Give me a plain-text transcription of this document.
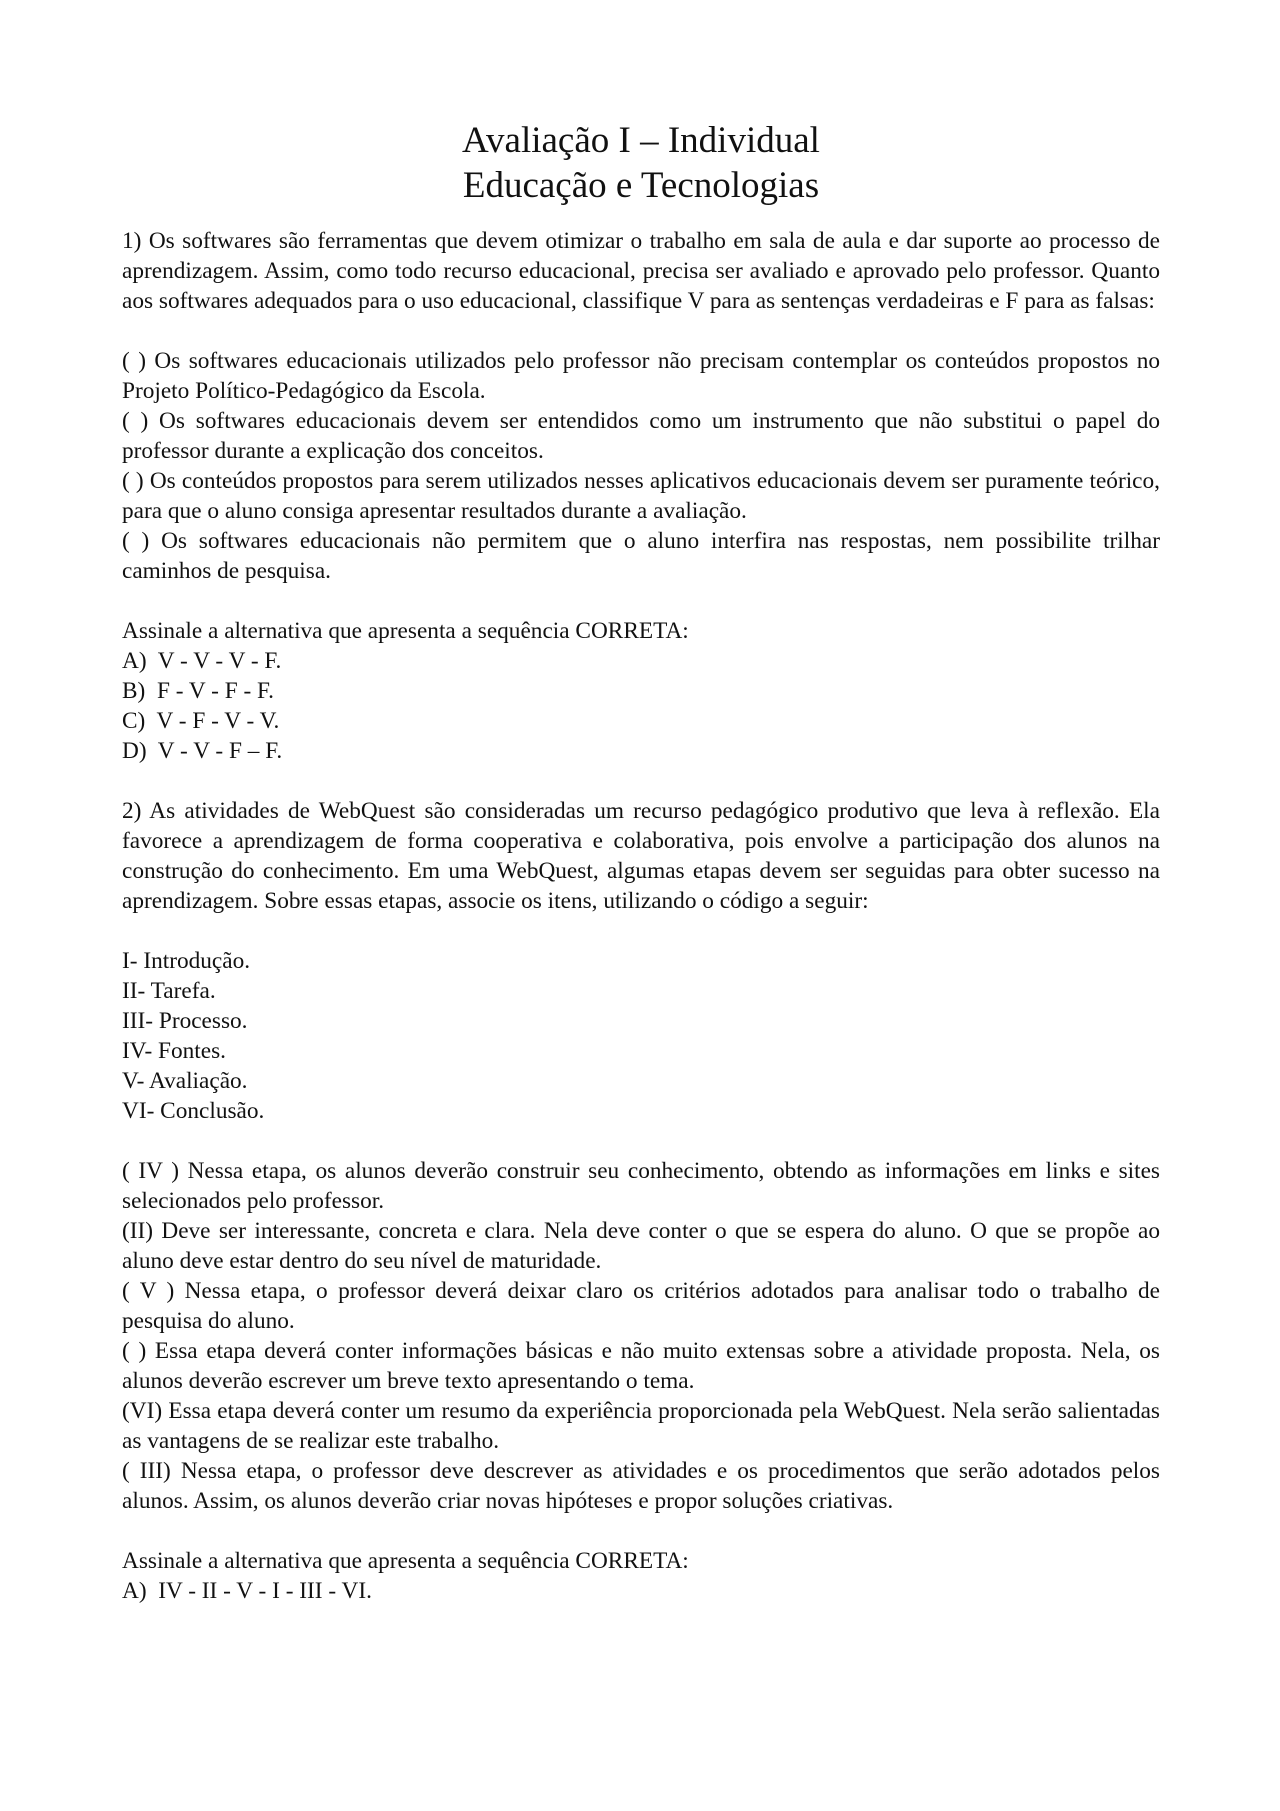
Avaliação I – Individual
Educação e Tecnologias

1) Os softwares são ferramentas que devem otimizar o trabalho em sala de aula e dar suporte ao processo de aprendizagem. Assim, como todo recurso educacional, precisa ser avaliado e aprovado pelo professor. Quanto aos softwares adequados para o uso educacional, classifique V para as sentenças verdadeiras e F para as falsas:

( ) Os softwares educacionais utilizados pelo professor não precisam contemplar os conteúdos propostos no Projeto Político-Pedagógico da Escola.

( ) Os softwares educacionais devem ser entendidos como um instrumento que não substitui o papel do professor durante a explicação dos conceitos.

( ) Os conteúdos propostos para serem utilizados nesses aplicativos educacionais devem ser puramente teórico, para que o aluno consiga apresentar resultados durante a avaliação.

( ) Os softwares educacionais não permitem que o aluno interfira nas respostas, nem possibilite trilhar caminhos de pesquisa.

Assinale a alternativa que apresenta a sequência CORRETA:

A)  V - V - V - F.

B)  F - V - F - F.

C)  V - F - V - V.

D)  V - V - F – F.

2) As atividades de WebQuest são consideradas um recurso pedagógico produtivo que leva à reflexão. Ela favorece a aprendizagem de forma cooperativa e colaborativa, pois envolve a participação dos alunos na construção do conhecimento. Em uma WebQuest, algumas etapas devem ser seguidas para obter sucesso na aprendizagem. Sobre essas etapas, associe os itens, utilizando o código a seguir:

I- Introdução.

II- Tarefa.

III- Processo.

IV- Fontes.

V- Avaliação.

VI- Conclusão.

( IV ) Nessa etapa, os alunos deverão construir seu conhecimento, obtendo as informações em links e sites selecionados pelo professor.

(II) Deve ser interessante, concreta e clara. Nela deve conter o que se espera do aluno. O que se propõe ao aluno deve estar dentro do seu nível de maturidade.

( V ) Nessa etapa, o professor deverá deixar claro os critérios adotados para analisar todo o trabalho de pesquisa do aluno.

( ) Essa etapa deverá conter informações básicas e não muito extensas sobre a atividade proposta. Nela, os alunos deverão escrever um breve texto apresentando o tema.

(VI) Essa etapa deverá conter um resumo da experiência proporcionada pela WebQuest. Nela serão salientadas as vantagens de se realizar este trabalho.

( III) Nessa etapa, o professor deve descrever as atividades e os procedimentos que serão adotados pelos alunos. Assim, os alunos deverão criar novas hipóteses e propor soluções criativas.

Assinale a alternativa que apresenta a sequência CORRETA:

A)  IV - II - V - I - III - VI.
